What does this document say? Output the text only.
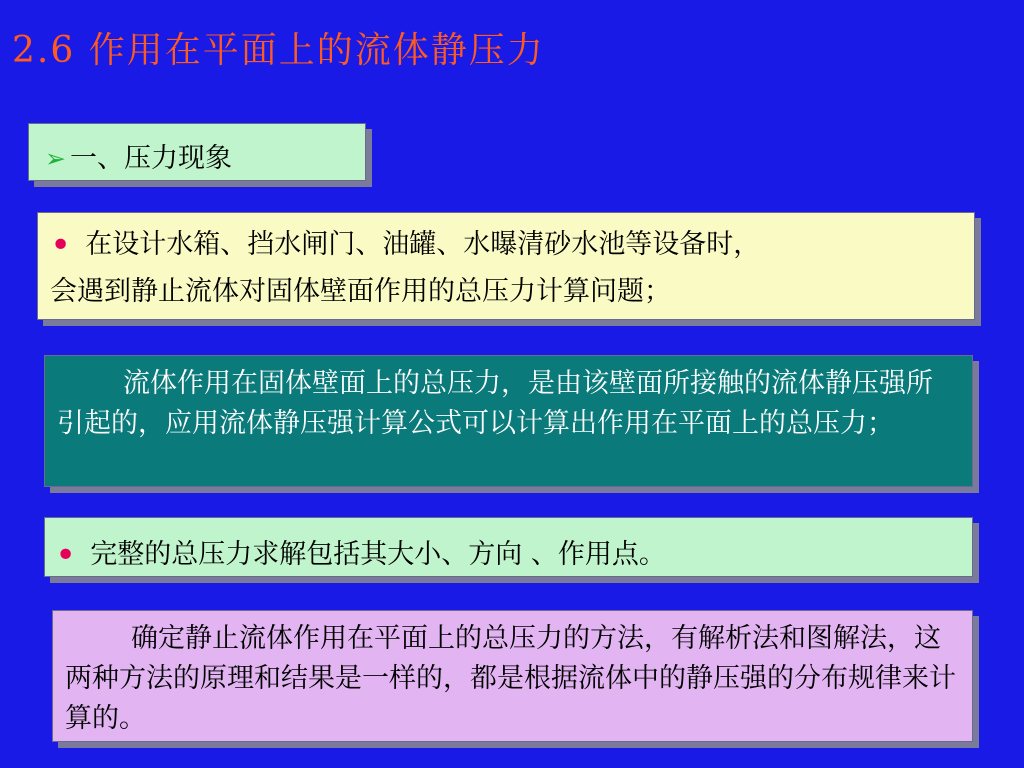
2.6 作用在平面上的流体静压力
➢ 一、压力现象
• 在设计水箱、挡水闸门、油罐、水曝清砂水池等设备时，
会遇到静止流体对固体壁面作用的总压力计算问题；
流体作用在固体壁面上的总压力，是由该壁面所接触的流体静压强所引起的，应用流体静压强计算公式可以计算出作用在平面上的总压力；
• 完整的总压力求解包括其大小、方向 、作用点。
确定静止流体作用在平面上的总压力的方法，有解析法和图解法，这两种方法的原理和结果是一样的，都是根据流体中的静压强的分布规律来计算的。
